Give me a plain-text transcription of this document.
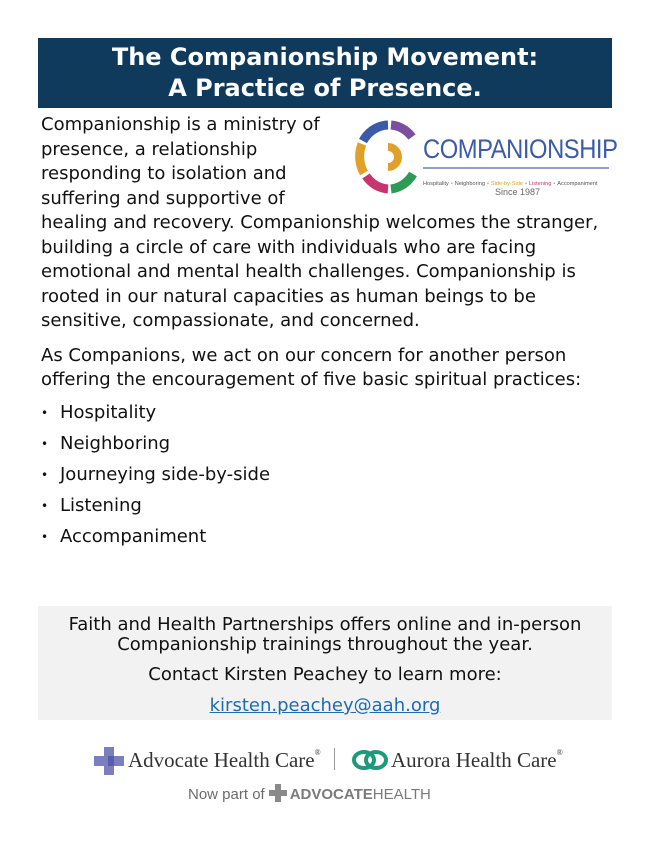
The Companionship Movement:
A Practice of Presence.
COMPANIONSHIP
Hospitality • Neighboring • Side-by-Side • Listening • Accompaniment
Since 1987

Companionship is a ministry of presence, a relationship responding to isolation and suffering and supportive of healing and recovery. Companionship welcomes the stranger, building a circle of care with individuals who are facing emotional and mental health challenges. Companionship is rooted in our natural capacities as human beings to be sensitive, compassionate, and concerned.

As Companions, we act on our concern for another person offering the encouragement of five basic spiritual practices:

• Hospitality
• Neighboring
• Journeying side-by-side
• Listening
• Accompaniment
Faith and Health Partnerships offers online and in-person
Companionship trainings throughout the year.
Contact Kirsten Peachey to learn more:
kirsten.peachey@aah.org
Advocate Health Care®	Aurora Health Care®
Now part of ADVOCATEHEALTH
